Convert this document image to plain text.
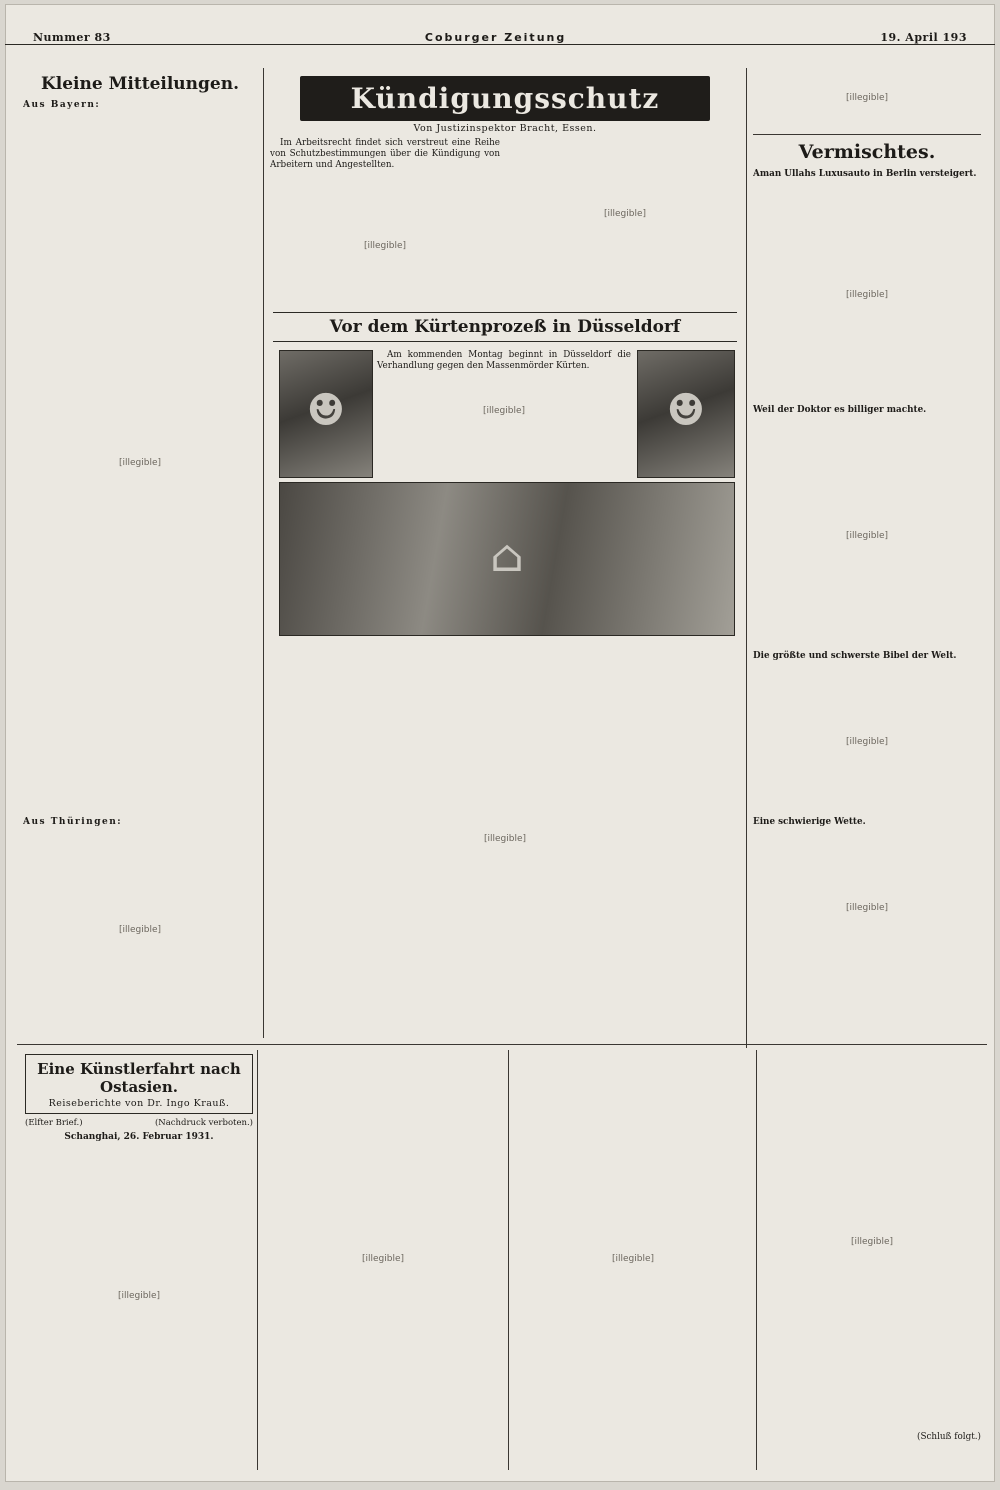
Nummer 83	Coburger Zeitung	19. April 193
Kleine Mitteilungen.
Aus Bayern:
[illegible]
Aus Thüringen:
[illegible]
Kündigungsschutz
Von Justizinspektor Bracht, Essen.

Im Arbeitsrecht findet sich verstreut eine Reihe von Schutzbestimmungen über die Kündigung von Arbeitern und Angestellten.

[illegible]
[illegible]
Vor dem Kürtenprozeß in Düsseldorf
☻

Am kommenden Montag beginnt in Düsseldorf die Verhandlung gegen den Massenmörder Kürten.

[illegible]	☻
⌂
[illegible]
[illegible]
Vermischtes.

Aman Ullahs Luxusauto in Berlin versteigert.

[illegible]

Weil der Doktor es billiger machte.

[illegible]

Die größte und schwerste Bibel der Welt.

[illegible]

Eine schwierige Wette.

[illegible]
Eine Künstlerfahrt nach Ostasien.
Reiseberichte von Dr. Ingo Krauß.
(Elfter Brief.)	(Nachdruck verboten.)
Schanghai, 26. Februar 1931.
[illegible]
[illegible]	[illegible]
[illegible]

(Schluß folgt.)
